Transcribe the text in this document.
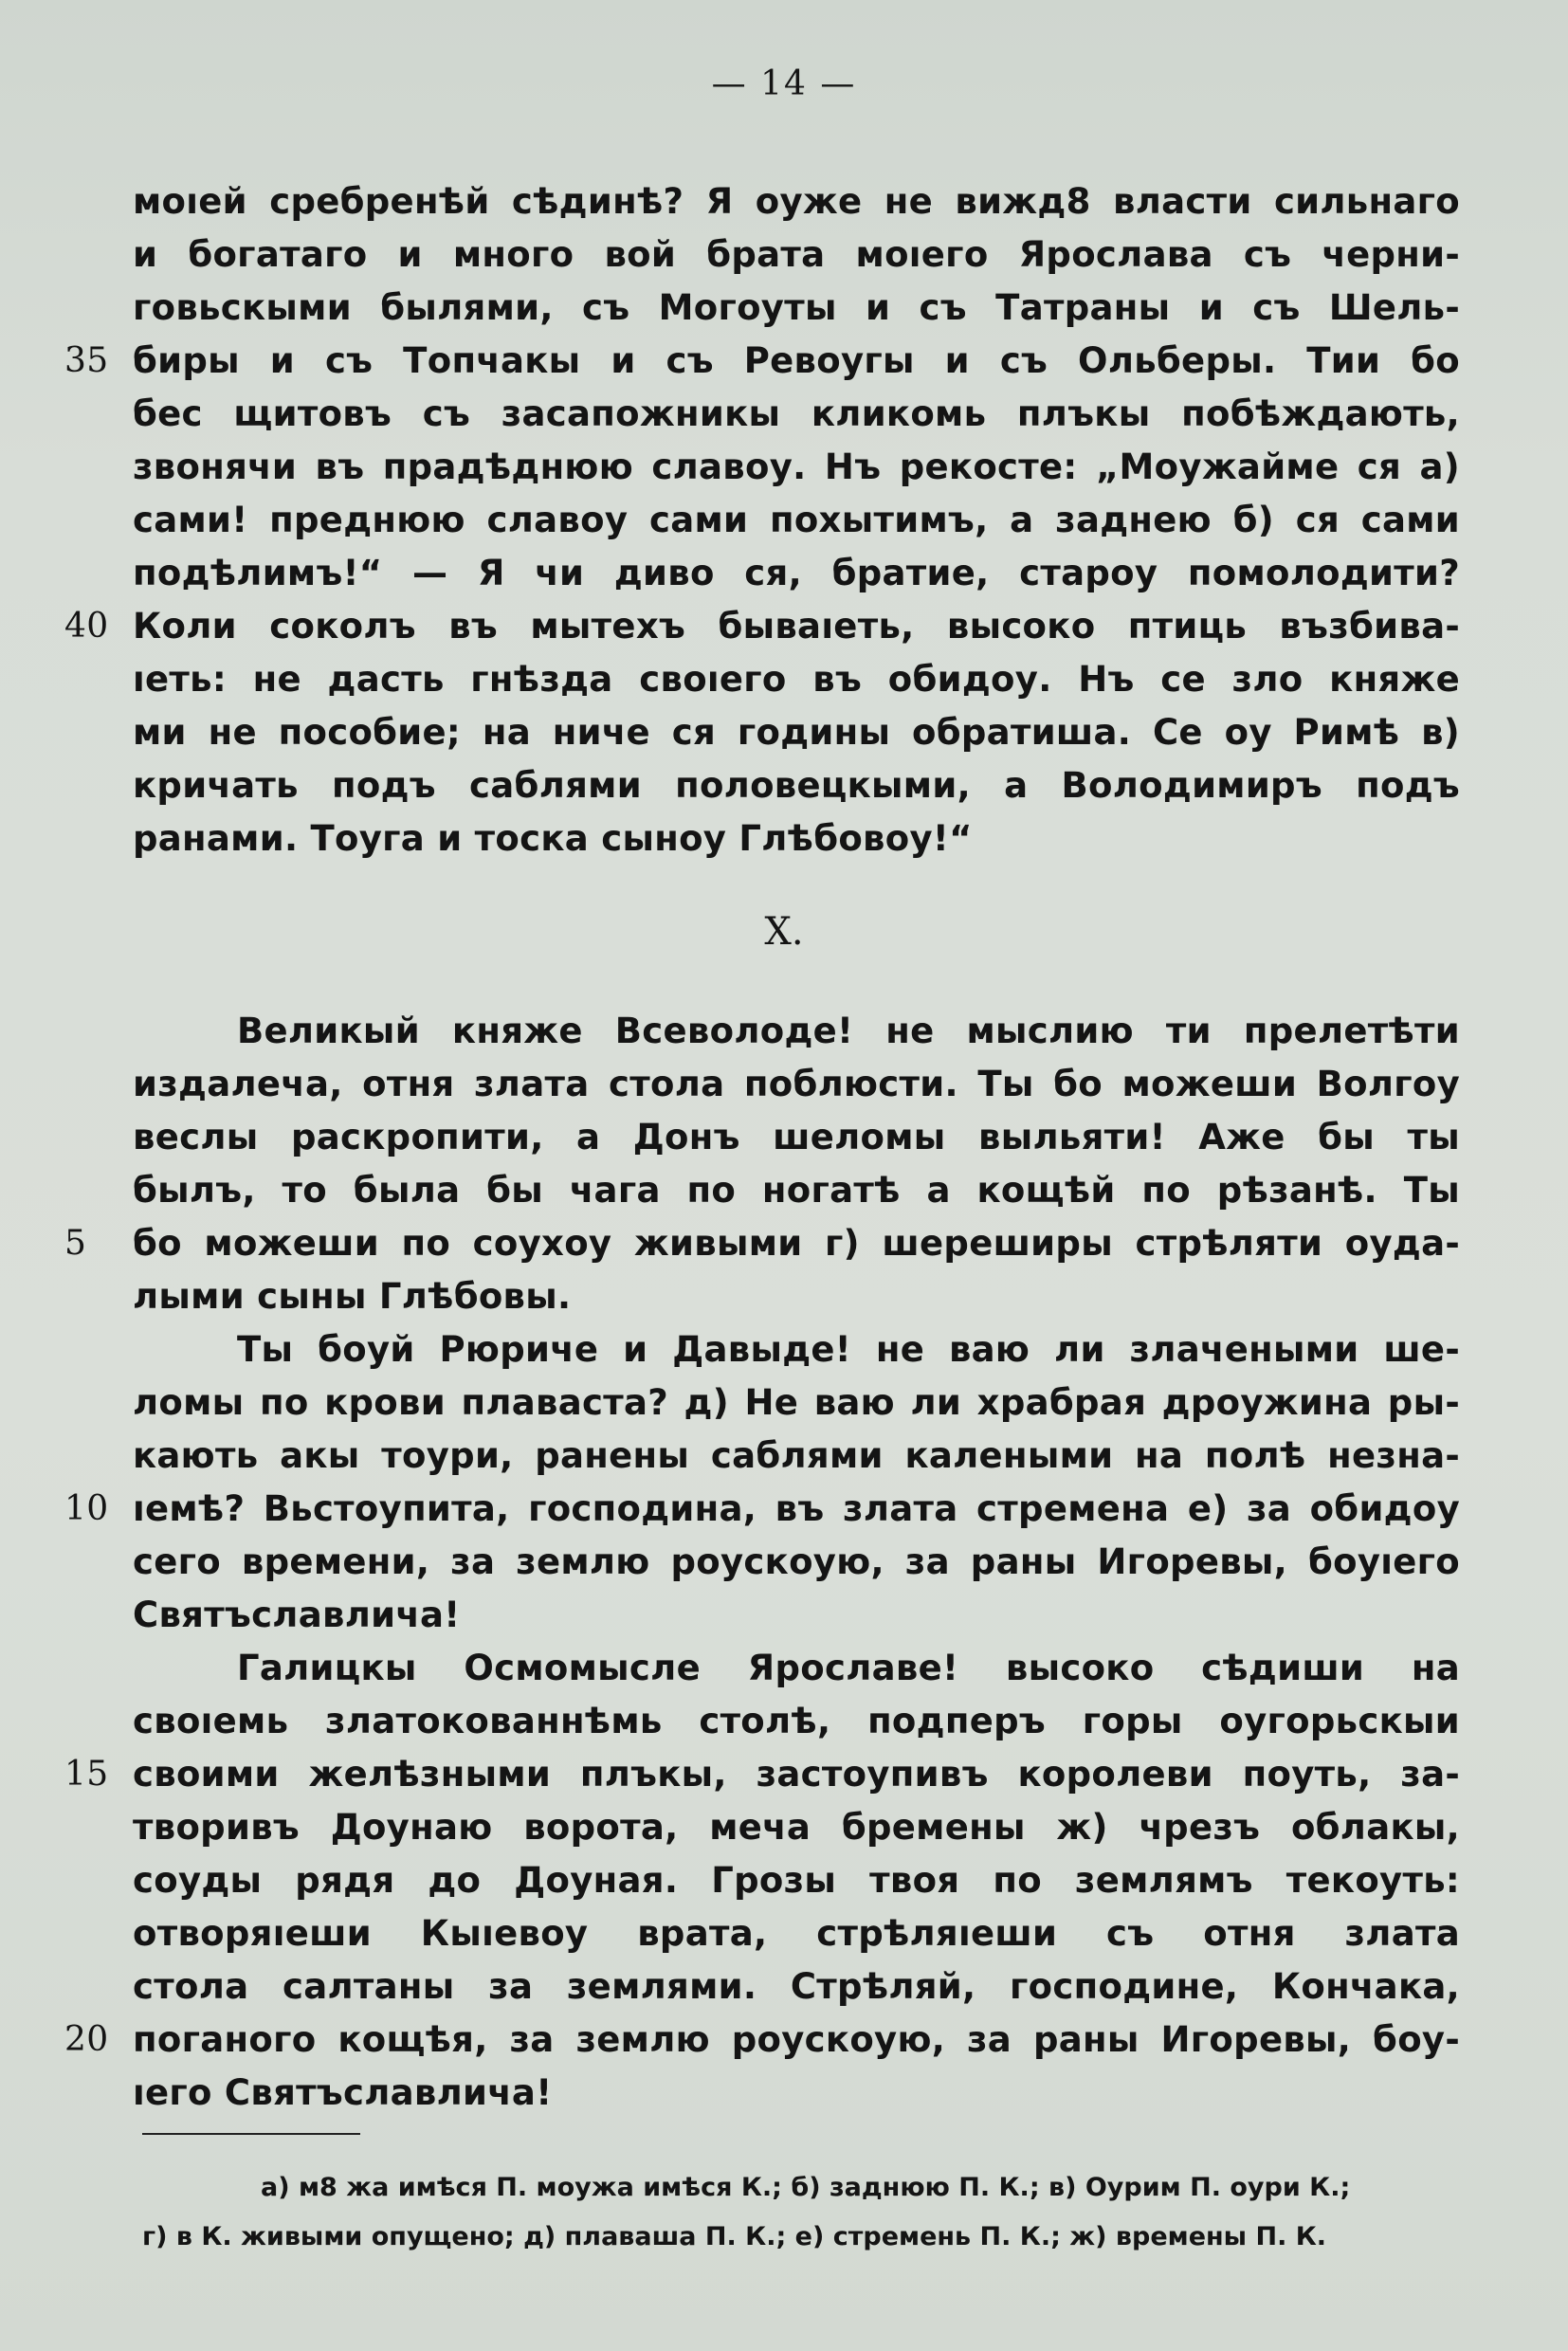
— 14 —
моıей сребренѣй сѣдинѣ? Я оуже не вижд8 власти сильнаго
и богатаго и много вой брата моıего Ярослава съ черни-
говьскыми былями, съ Могоуты и съ Татраны и съ Шель-
35 биры и съ Топчакы и съ Ревоугы и съ Ольберы. Тии бо
бес щитовъ съ засапожникы кликомь плъкы побѣждають,
звонячи въ прадѣднюю славоу. Нъ рекосте: „Моужайме ся а)
сами! преднюю славоу сами похытимъ, а заднею б) ся сами
подѣлимъ!“ — Я чи диво ся, братие, староу помолодити?
40 Коли соколъ въ мытехъ бываıеть, высоко птиць възбива-
ıеть: не дасть гнѣзда своıего въ обидоу. Нъ се зло княже
ми не пособие; на ниче ся годины обратиша. Се оу Римѣ в)
кричать подъ саблями половецкыми, а Володимиръ подъ
ранами. Тоуга и тоска сыноу Глѣбовоу!“
X.
Великый княже Всеволоде! не мыслию ти прелетѣти
издалеча, отня злата стола поблюсти. Ты бо можеши Волгоу
веслы раскропити, а Донъ шеломы выльяти! Аже бы ты
былъ, то была бы чага по ногатѣ а кощѣй по рѣзанѣ. Ты
5	бо можеши по соухоу живыми г) шереширы стрѣляти оуда-
лыми сыны Глѣбовы.
Ты боуй Рюриче и Давыде! не ваю ли злачеными ше-
ломы по крови плаваста? д) Не ваю ли храбрая дроужина ры-
кають акы тоури, ранены саблями калеными на полѣ незна-
10 ıемѣ? Вьстоупита, господина, въ злата стремена е) за обидоу
сего времени, за землю роускоую, за раны Игоревы, боуıего
Святъславлича!
Галицкы Осмомысле Ярославе! высоко сѣдиши на
своıемь златокованнѣмь столѣ, подперъ горы оугорьскыи
15 своими желѣзными плъкы, застоупивъ королеви поуть, за-
творивъ Доунаю ворота, меча бремены ж) чрезъ облакы,
соуды рядя до Доуная. Грозы твоя по землямъ текоуть:
отворяıеши Кыıевоу врата, стрѣляıеши съ отня злата
стола салтаны за землями. Стрѣляй, господине, Кончака,
20 поганого кощѣя, за землю роускоую, за раны Игоревы, боу-
ıего Святъславлича!
а) м8 жа имѣся П. моужа имѣся К.; б) заднюю П. К.; в) Оурим П. оури К.;
г) в К. живыми опущено; д) плаваша П. К.; е) стремень П. К.; ж) времены П. К.
